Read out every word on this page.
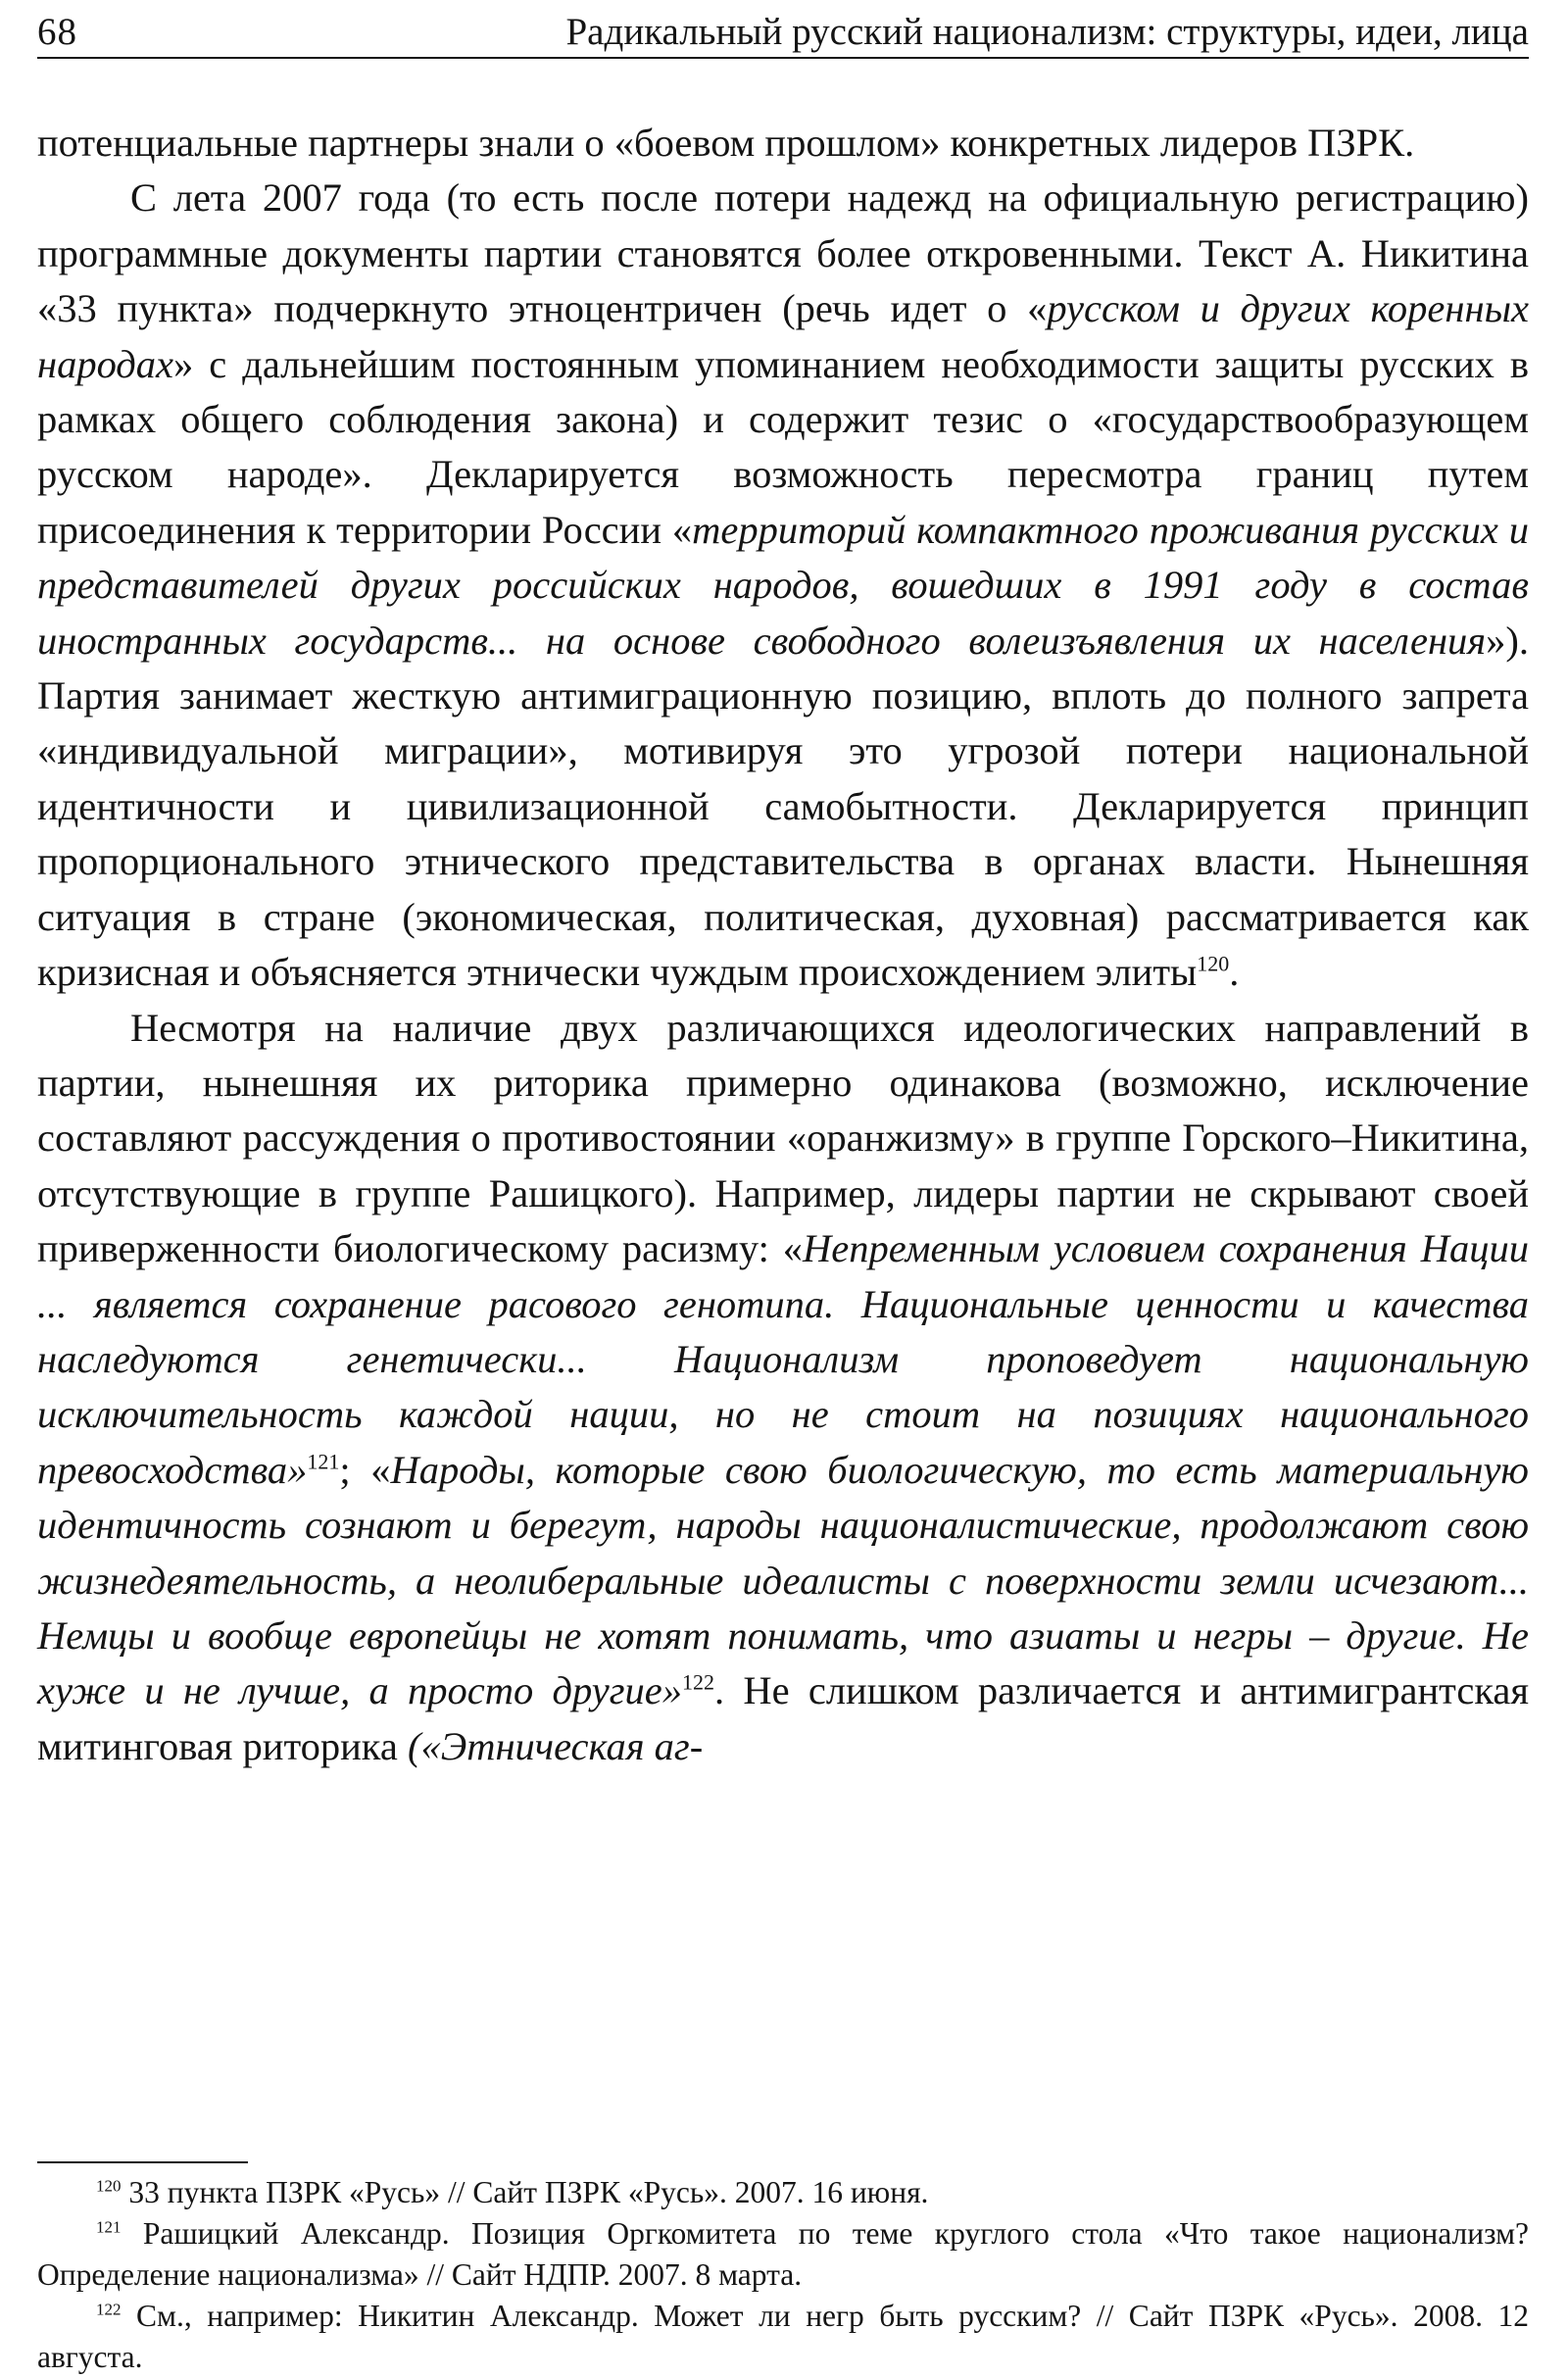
68	Радикальный русский национализм: структуры, идеи, лица

потенциальные партнеры знали о «боевом прошлом» конкретных лидеров ПЗРК.

С лета 2007 года (то есть после потери надежд на официальную регистрацию) программные документы партии становятся более откровенными. Текст А. Никитина «33 пункта» подчеркнуто этноцентричен (речь идет о «русском и других коренных народах» с дальнейшим постоянным упоминанием необходимости защиты русских в рамках общего соблюдения закона) и содержит тезис о «государствообразующем русском народе». Декларируется возможность пересмотра границ путем присоединения к территории России «территорий компактного проживания русских и представителей других российских народов, вошедших в 1991 году в состав иностранных государств... на основе свободного волеизъявления их населения»). Партия занимает жесткую антимиграционную позицию, вплоть до полного запрета «индивидуальной миграции», мотивируя это угрозой потери национальной идентичности и цивилизационной самобытности. Декларируется принцип пропорционального этнического представительства в органах власти. Нынешняя ситуация в стране (экономическая, политическая, духовная) рассматривается как кризисная и объясняется этнически чуждым происхождением элиты$^{120}$.

Несмотря на наличие двух различающихся идеологических направлений в партии, нынешняя их риторика примерно одинакова (возможно, исключение составляют рассуждения о противостоянии «оранжизму» в группе Горского–Никитина, отсутствующие в группе Рашицкого). Например, лидеры партии не скрывают своей приверженности биологическому расизму: «Непременным условием сохранения Нации ... является сохранение расового генотипа. Национальные ценности и качества наследуются генетически... Национализм проповедует национальную исключительность каждой нации, но не стоит на позициях национального превосходства»$^{121}$; «Народы, которые свою биологическую, то есть материальную идентичность сознают и берегут, народы националистические, продолжают свою жизнедеятельность, а неолиберальные идеалисты с поверхности земли исчезают... Немцы и вообще европейцы не хотят понимать, что азиаты и негры – другие. Не хуже и не лучше, а просто другие»$^{122}$. Не слишком различается и антимигрантская митинговая риторика («Этническая аг-

$^{120}$ 33 пункта ПЗРК «Русь» // Сайт ПЗРК «Русь». 2007. 16 июня.

$^{121}$ Рашицкий Александр. Позиция Оргкомитета по теме круглого стола «Что такое национализм? Определение национализма» // Сайт НДПР. 2007. 8 марта.

$^{122}$ См., например: Никитин Александр. Может ли негр быть русским? // Сайт ПЗРК «Русь». 2008. 12 августа.
